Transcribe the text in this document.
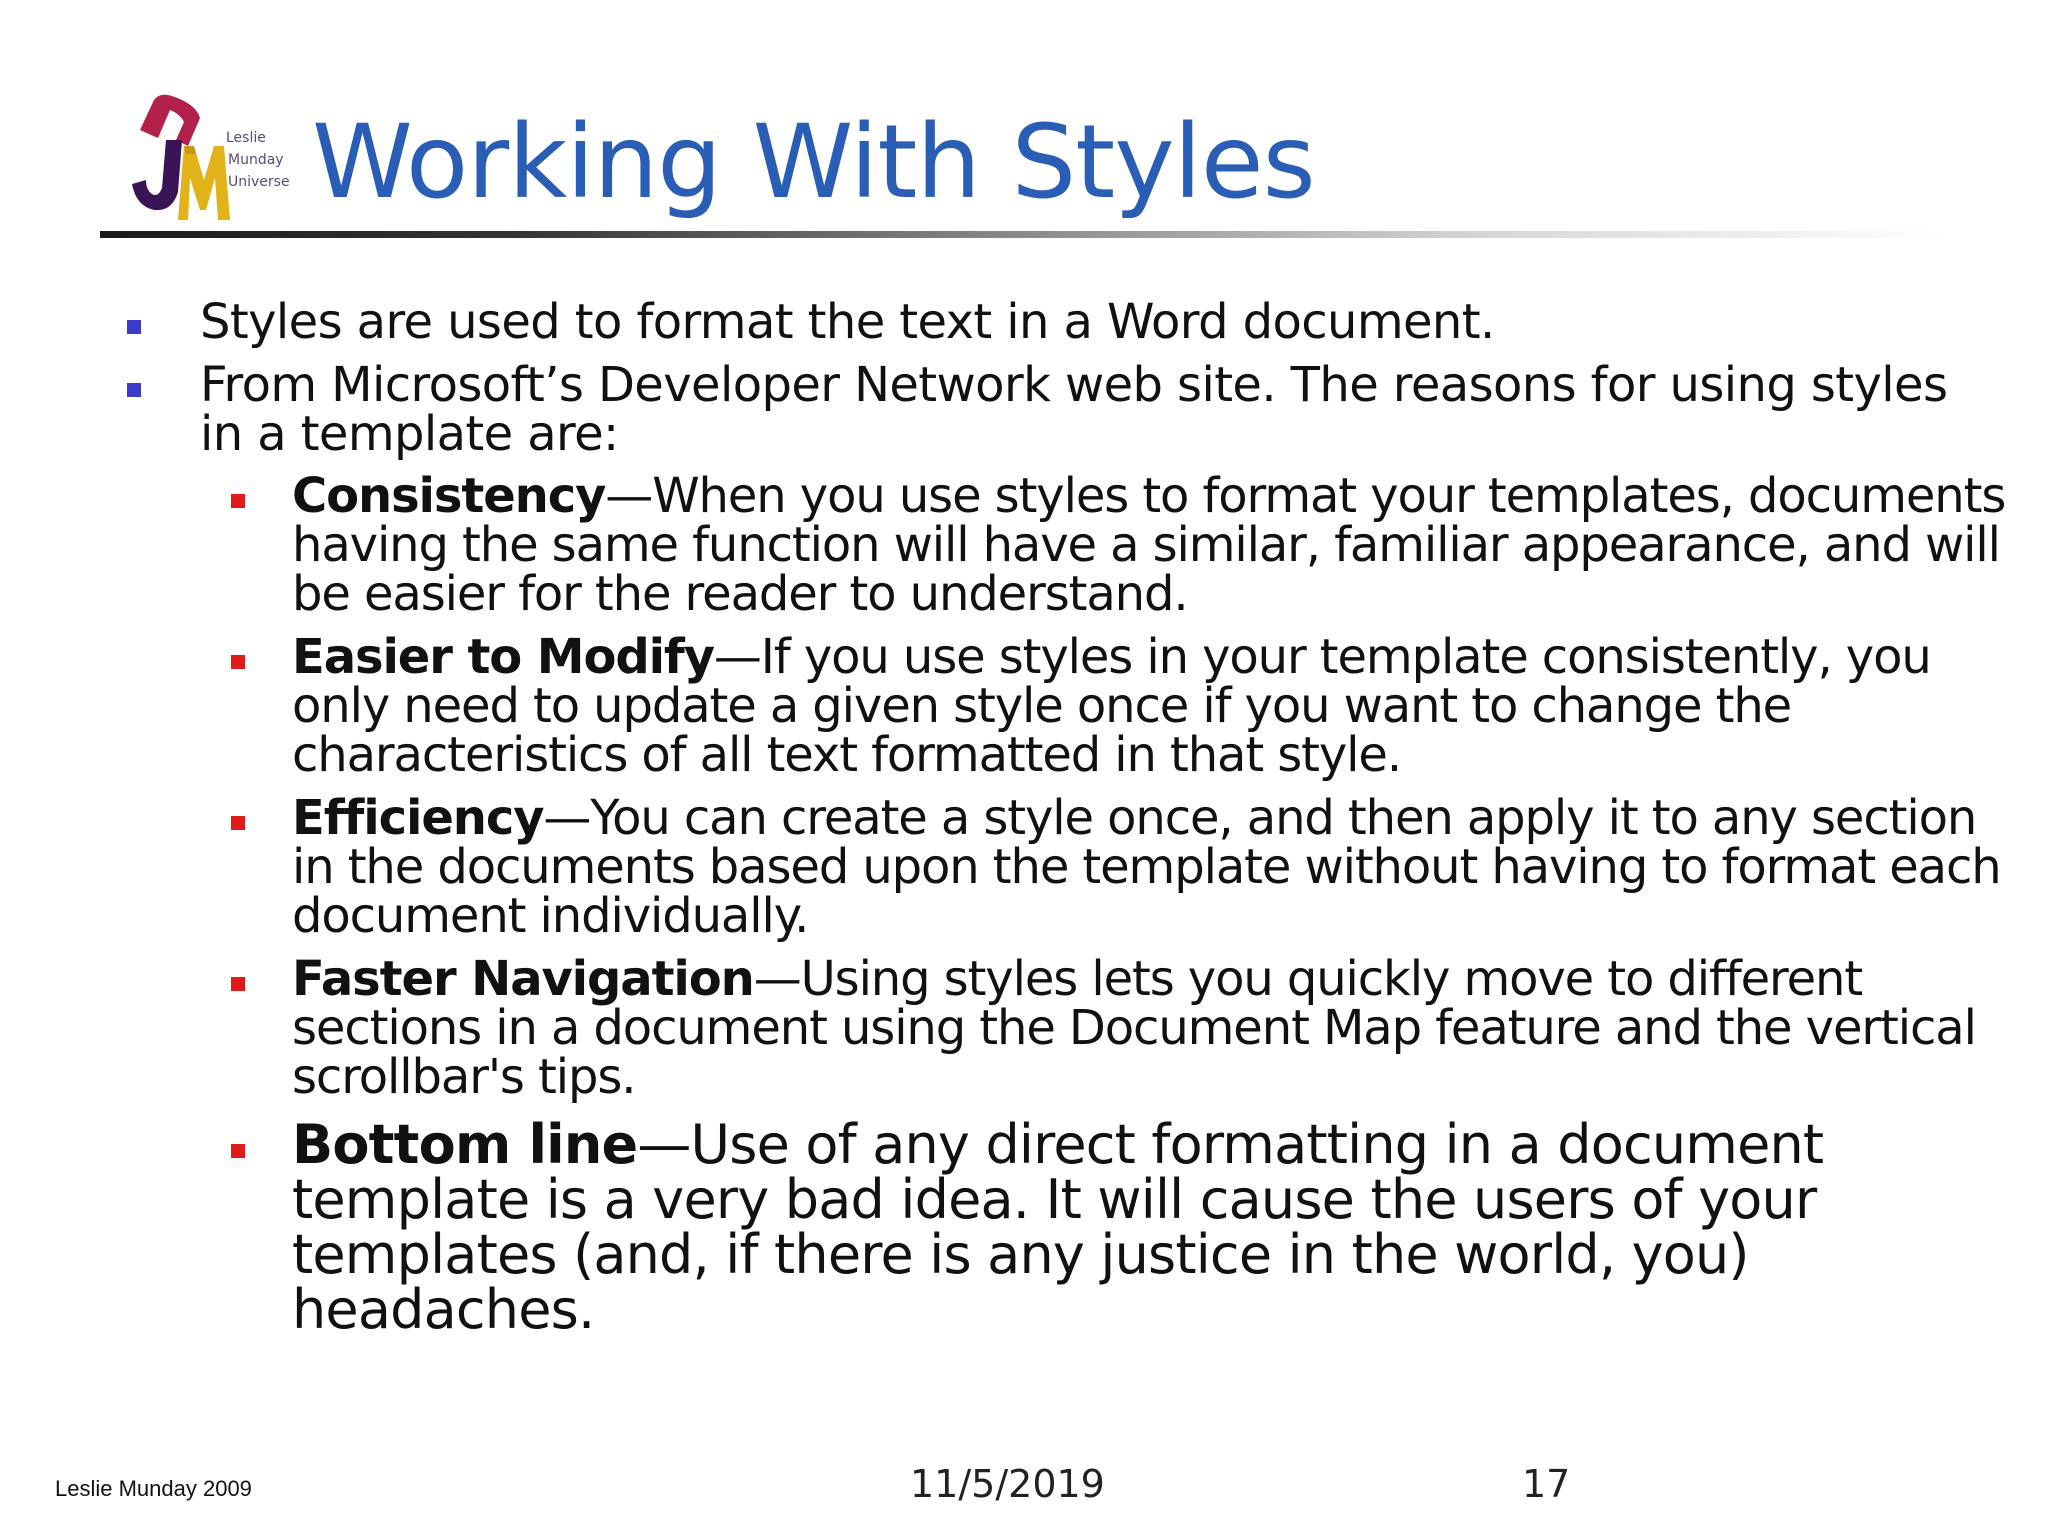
Leslie
Munday
Universe Working With Styles

Styles are used to format the text in a Word document.

From Microsoft’s Developer Network web site. The reasons for using styles in a template are:

Consistency—When you use styles to format your templates, documents having the same function will have a similar, familiar appearance, and will be easier for the reader to understand.

Easier to Modify—If you use styles in your template consistently, you only need to update a given style once if you want to change the characteristics of all text formatted in that style.

Efficiency—You can create a style once, and then apply it to any section in the documents based upon the template without having to format each document individually.

Faster Navigation—Using styles lets you quickly move to different sections in a document using the Document Map feature and the vertical scrollbar's tips.

Bottom line—Use of any direct formatting in a document template is a very bad idea. It will cause the users of your templates (and, if there is any justice in the world, you) headaches.

Leslie Munday 2009	11/5/2019	17
